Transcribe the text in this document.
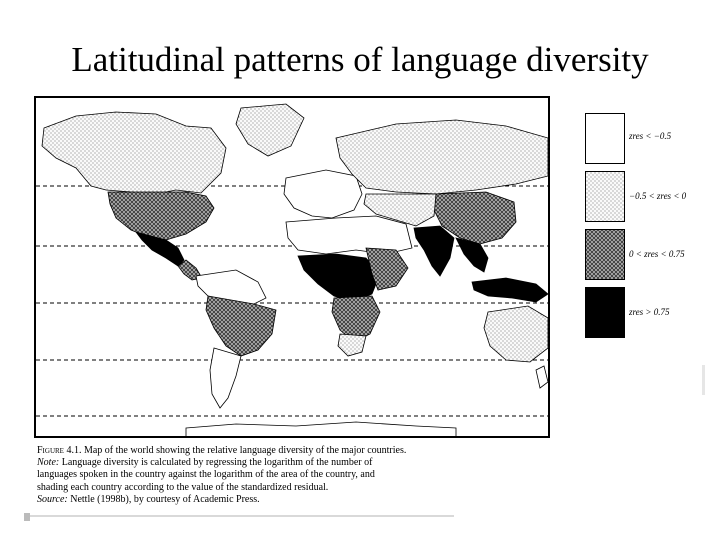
Latitudinal patterns of language diversity
zres < −0.5
−0.5 < zres < 0
0 < zres < 0.75
zres > 0.75
Figure 4.1. Map of the world showing the relative language diversity of the major countries.
Note: Language diversity is calculated by regressing the logarithm of the number of
languages spoken in the country against the logarithm of the area of the country, and
shading each country according to the value of the standardized residual.
Source: Nettle (1998b), by courtesy of Academic Press.
